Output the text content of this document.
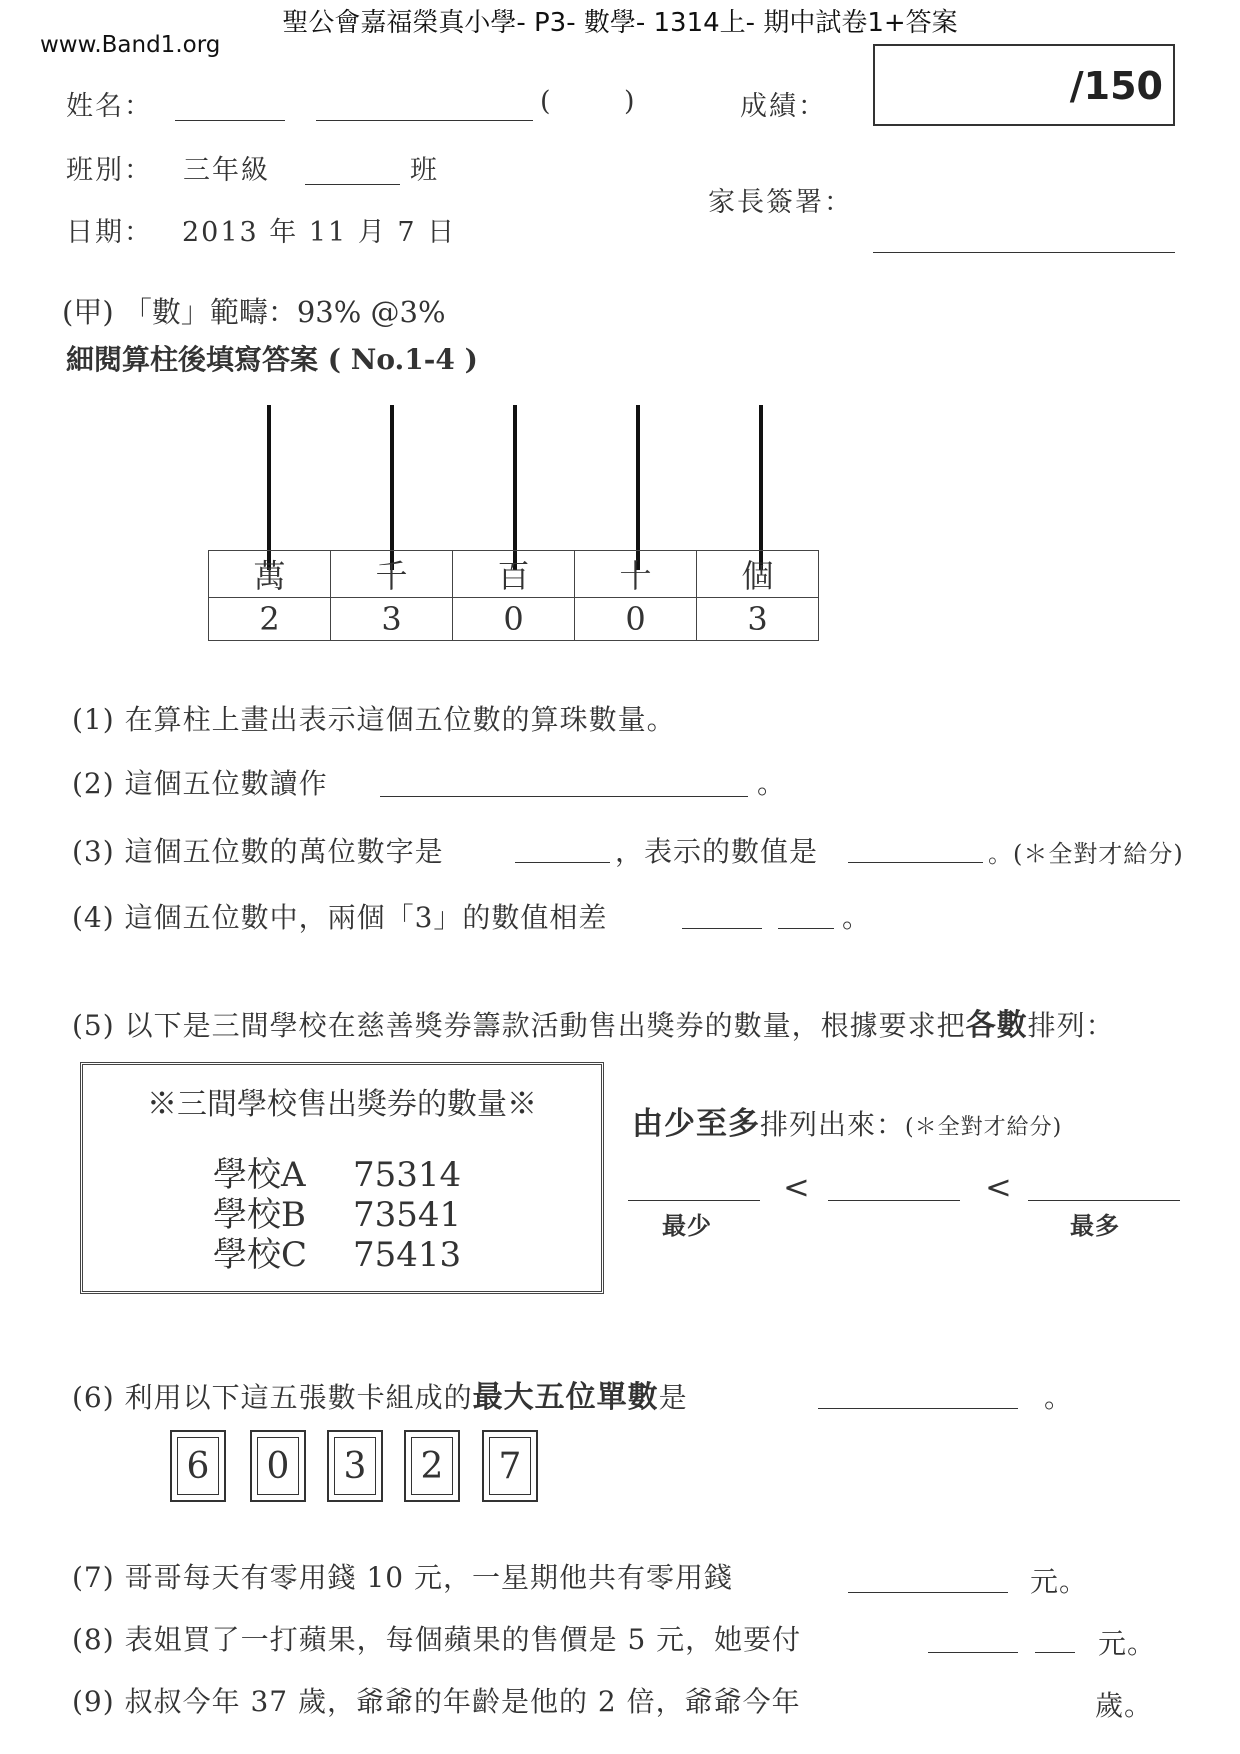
聖公會嘉福榮真小學- P3- 數學- 1314上- 期中試卷1+答案
www.Band1.org
姓名：	(	)	成績：	/150
班別： 三年級	班
家長簽署：
日期： 2013 年 11 月 7 日
(甲) 「數」範疇：93% @3%
細閱算柱後填寫答案 ( No.1-4 )
萬	千	百	十	個
2	3	0	0	3
(1) 在算柱上畫出表示這個五位數的算珠數量。
(2) 這個五位數讀作	。
(3) 這個五位數的萬位數字是	，表示的數值是	。(＊全對才給分)
(4) 這個五位數中，兩個「3」的數值相差	。
(5) 以下是三間學校在慈善獎券籌款活動售出獎券的數量，根據要求把各數排列：
※三間學校售出獎券的數量※
學校A 75314
學校B 73541
學校C 75413
由少至多排列出來：(＊全對才給分)
<	<
最少	最多
(6) 利用以下這五張數卡組成的最大五位單數是	。
6 0 3 2 7
(7) 哥哥每天有零用錢 10 元，一星期他共有零用錢	元。
(8) 表姐買了一打蘋果，每個蘋果的售價是 5 元，她要付	元。
(9) 叔叔今年 37 歲，爺爺的年齡是他的 2 倍，爺爺今年	歲。
